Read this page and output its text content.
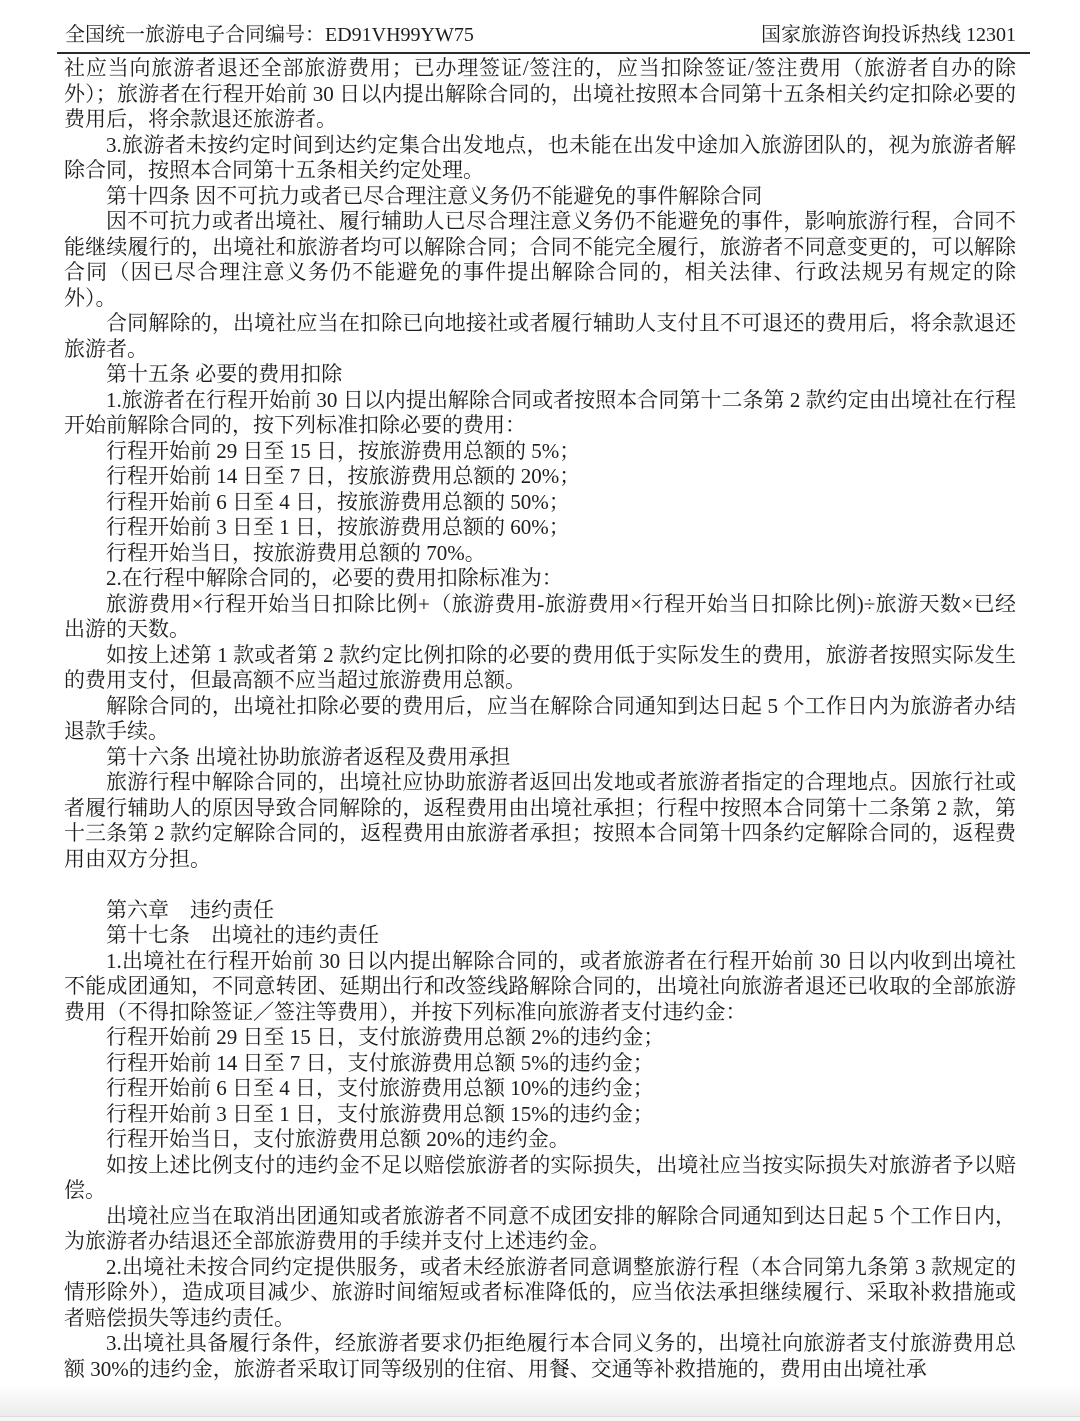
全国统一旅游电子合同编号：ED91VH99YW75	国家旅游咨询投诉热线 12301

社应当向旅游者退还全部旅游费用；已办理签证/签注的，应当扣除签证/签注费用（旅游者自办的除外）；旅游者在行程开始前 30 日以内提出解除合同的，出境社按照本合同第十五条相关约定扣除必要的费用后，将余款退还旅游者。

3.旅游者未按约定时间到达约定集合出发地点，也未能在出发中途加入旅游团队的，视为旅游者解除合同，按照本合同第十五条相关约定处理。

第十四条 因不可抗力或者已尽合理注意义务仍不能避免的事件解除合同

因不可抗力或者出境社、履行辅助人已尽合理注意义务仍不能避免的事件，影响旅游行程，合同不能继续履行的，出境社和旅游者均可以解除合同；合同不能完全履行，旅游者不同意变更的，可以解除合同（因已尽合理注意义务仍不能避免的事件提出解除合同的，相关法律、行政法规另有规定的除外）。

合同解除的，出境社应当在扣除已向地接社或者履行辅助人支付且不可退还的费用后，将余款退还旅游者。

第十五条 必要的费用扣除

1.旅游者在行程开始前 30 日以内提出解除合同或者按照本合同第十二条第 2 款约定由出境社在行程开始前解除合同的，按下列标准扣除必要的费用：

行程开始前 29 日至 15 日，按旅游费用总额的 5%；

行程开始前 14 日至 7 日，按旅游费用总额的 20%；

行程开始前 6 日至 4 日，按旅游费用总额的 50%；

行程开始前 3 日至 1 日，按旅游费用总额的 60%；

行程开始当日，按旅游费用总额的 70%。

2.在行程中解除合同的，必要的费用扣除标准为：

旅游费用×行程开始当日扣除比例+（旅游费用-旅游费用×行程开始当日扣除比例)÷旅游天数×已经出游的天数。

如按上述第 1 款或者第 2 款约定比例扣除的必要的费用低于实际发生的费用，旅游者按照实际发生的费用支付，但最高额不应当超过旅游费用总额。

解除合同的，出境社扣除必要的费用后，应当在解除合同通知到达日起 5 个工作日内为旅游者办结退款手续。

第十六条 出境社协助旅游者返程及费用承担

旅游行程中解除合同的，出境社应协助旅游者返回出发地或者旅游者指定的合理地点。因旅行社或者履行辅助人的原因导致合同解除的，返程费用由出境社承担；行程中按照本合同第十二条第 2 款，第十三条第 2 款约定解除合同的，返程费用由旅游者承担；按照本合同第十四条约定解除合同的，返程费用由双方分担。

第六章　违约责任

第十七条　出境社的违约责任

1.出境社在行程开始前 30 日以内提出解除合同的，或者旅游者在行程开始前 30 日以内收到出境社不能成团通知，不同意转团、延期出行和改签线路解除合同的，出境社向旅游者退还已收取的全部旅游费用（不得扣除签证／签注等费用），并按下列标准向旅游者支付违约金：

行程开始前 29 日至 15 日，支付旅游费用总额 2%的违约金；

行程开始前 14 日至 7 日，支付旅游费用总额 5%的违约金；

行程开始前 6 日至 4 日，支付旅游费用总额 10%的违约金；

行程开始前 3 日至 1 日，支付旅游费用总额 15%的违约金；

行程开始当日，支付旅游费用总额 20%的违约金。

如按上述比例支付的违约金不足以赔偿旅游者的实际损失，出境社应当按实际损失对旅游者予以赔偿。

出境社应当在取消出团通知或者旅游者不同意不成团安排的解除合同通知到达日起 5 个工作日内，为旅游者办结退还全部旅游费用的手续并支付上述违约金。

2.出境社未按合同约定提供服务，或者未经旅游者同意调整旅游行程（本合同第九条第 3 款规定的情形除外），造成项目减少、旅游时间缩短或者标准降低的，应当依法承担继续履行、采取补救措施或者赔偿损失等违约责任。

3.出境社具备履行条件，经旅游者要求仍拒绝履行本合同义务的，出境社向旅游者支付旅游费用总额 30%的违约金，旅游者采取订同等级别的住宿、用餐、交通等补救措施的，费用由出境社承
